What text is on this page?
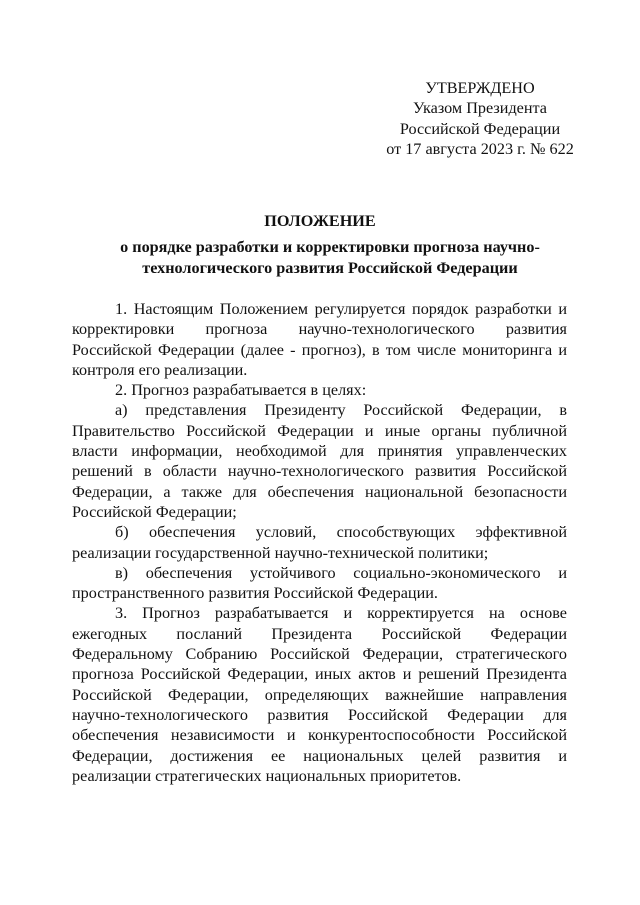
УТВЕРЖДЕНО
Указом Президента
Российской Федерации
от 17 августа 2023 г. № 622
ПОЛОЖЕНИЕ
о порядке разработки и корректировки прогноза научно-
технологического развития Российской Федерации
1. Настоящим Положением регулируется порядок разработки и
корректировки прогноза научно-технологического развития
Российской Федерации (далее - прогноз), в том числе мониторинга и
контроля его реализации.
2. Прогноз разрабатывается в целях:
а) представления Президенту Российской Федерации, в
Правительство Российской Федерации и иные органы публичной
власти информации, необходимой для принятия управленческих
решений в области научно-технологического развития Российской
Федерации, а также для обеспечения национальной безопасности
Российской Федерации;
б) обеспечения условий, способствующих эффективной
реализации государственной научно-технической политики;
в) обеспечения устойчивого социально-экономического и
пространственного развития Российской Федерации.
3. Прогноз разрабатывается и корректируется на основе
ежегодных посланий Президента Российской Федерации
Федеральному Собранию Российской Федерации, стратегического
прогноза Российской Федерации, иных актов и решений Президента
Российской Федерации, определяющих важнейшие направления
научно-технологического развития Российской Федерации для
обеспечения независимости и конкурентоспособности Российской
Федерации, достижения ее национальных целей развития и
реализации стратегических национальных приоритетов.
